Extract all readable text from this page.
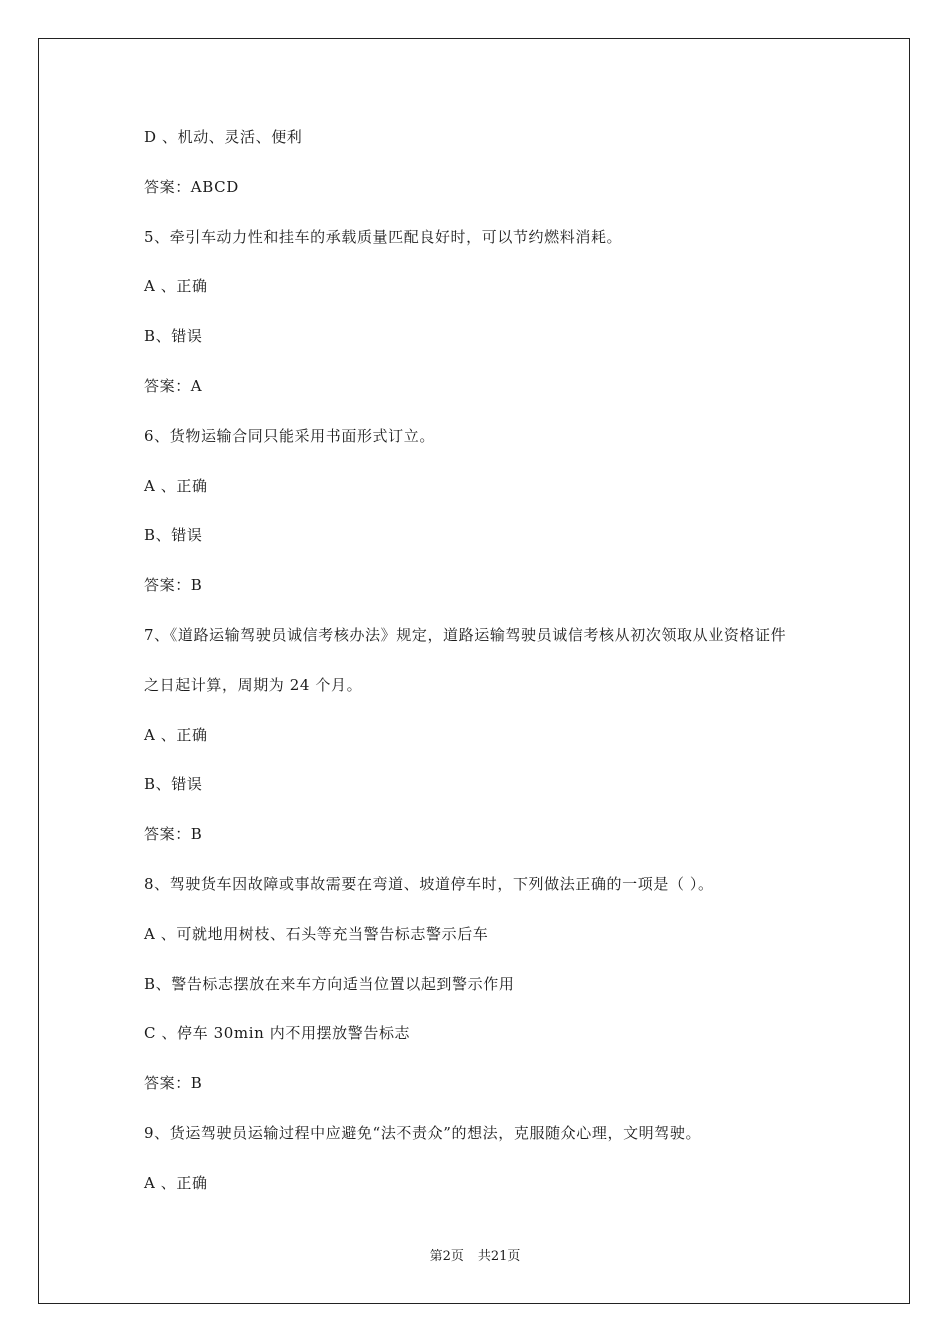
D 、机动、灵活、便利
答案：ABCD
5、牵引车动力性和挂车的承载质量匹配良好时，可以节约燃料消耗。
A 、正确
B、错误
答案：A
6、货物运输合同只能采用书面形式订立。
A 、正确
B、错误
答案：B
7、《道路运输驾驶员诚信考核办法》规定，道路运输驾驶员诚信考核从初次领取从业资格证件
之日起计算，周期为 24 个月。
A 、正确
B、错误
答案：B
8、驾驶货车因故障或事故需要在弯道、坡道停车时，下列做法正确的一项是（ ）。
A 、可就地用树枝、石头等充当警告标志警示后车
B、警告标志摆放在来车方向适当位置以起到警示作用
C 、停车 30min 内不用摆放警告标志
答案：B
9、货运驾驶员运输过程中应避免“法不责众”的想法，克服随众心理，文明驾驶。
A 、正确
第2页 共21页
